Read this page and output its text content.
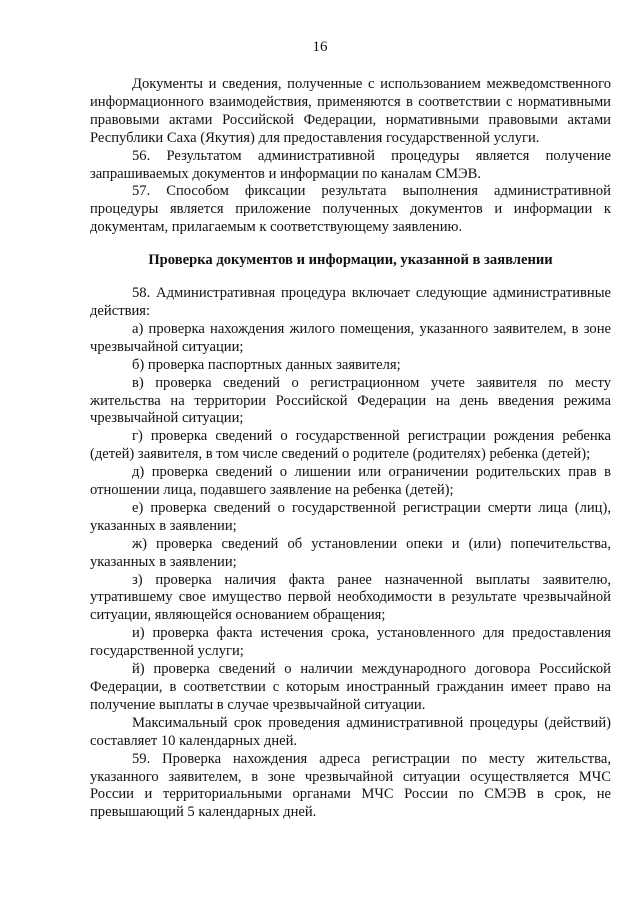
16

Документы и сведения, полученные с использованием межведомственного информационного взаимодействия, применяются в соответствии с нормативными правовыми актами Российской Федерации, нормативными правовыми актами Республики Саха (Якутия) для предоставления государственной услуги.

56. Результатом административной процедуры является получение запрашиваемых документов и информации по каналам СМЭВ.

57. Способом фиксации результата выполнения административной процедуры является приложение полученных документов и информации к документам, прилагаемым к соответствующему заявлению.

Проверка документов и информации, указанной в заявлении

58. Административная процедура включает следующие административные действия:

а) проверка нахождения жилого помещения, указанного заявителем, в зоне чрезвычайной ситуации;

б) проверка паспортных данных заявителя;

в) проверка сведений о регистрационном учете заявителя по месту жительства на территории Российской Федерации на день введения режима чрезвычайной ситуации;

г) проверка сведений о государственной регистрации рождения ребенка (детей) заявителя, в том числе сведений о родителе (родителях) ребенка (детей);

д) проверка сведений о лишении или ограничении родительских прав в отношении лица, подавшего заявление на ребенка (детей);

е) проверка сведений о государственной регистрации смерти лица (лиц), указанных в заявлении;

ж) проверка сведений об установлении опеки и (или) попечительства, указанных в заявлении;

з) проверка наличия факта ранее назначенной выплаты заявителю, утратившему свое имущество первой необходимости в результате чрезвычайной ситуации, являющейся основанием обращения;

и) проверка факта истечения срока, установленного для предоставления государственной услуги;

й) проверка сведений о наличии международного договора Российской Федерации, в соответствии с которым иностранный гражданин имеет право на получение выплаты в случае чрезвычайной ситуации.

Максимальный срок проведения административной процедуры (действий) составляет 10 календарных дней.

59. Проверка нахождения адреса регистрации по месту жительства, указанного заявителем, в зоне чрезвычайной ситуации осуществляется МЧС России и территориальными органами МЧС России по СМЭВ в срок, не превышающий 5 календарных дней.
